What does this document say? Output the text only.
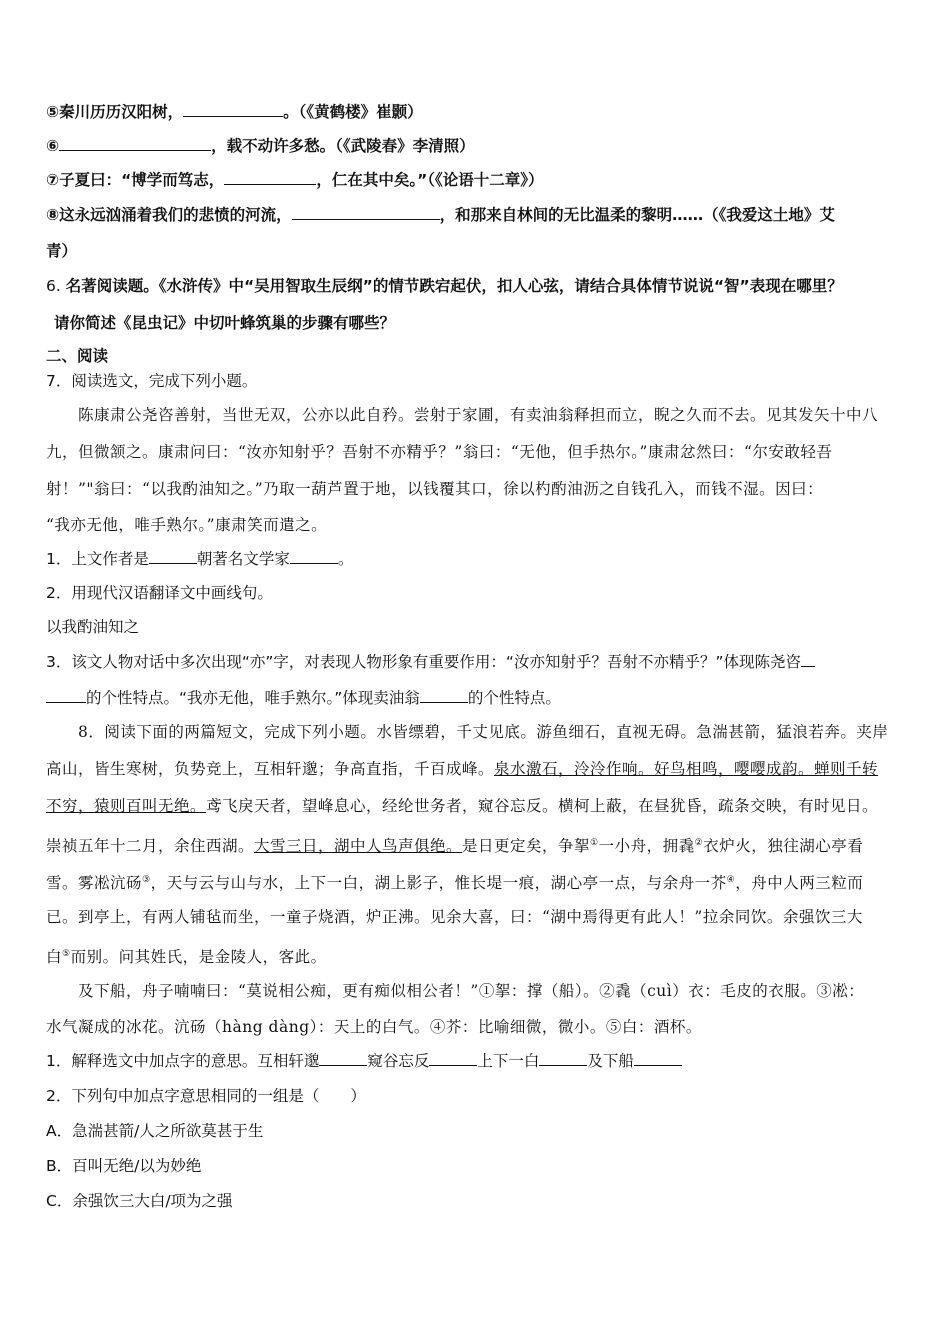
⑤秦川历历汉阳树，	。（《黄鹤楼》崔颢）
⑥	，载不动许多愁。（《武陵春》李清照）
⑦子夏曰：“博学而笃志，	，仁在其中矣。”（《论语十二章》）
⑧这永远汹涌着我们的悲愤的河流，	，和那来自林间的无比温柔的黎明……（《我爱这土地》艾
青）
6. 名著阅读题。《水浒传》中“吴用智取生辰纲”的情节跌宕起伏，扣人心弦，请结合具体情节说说“智”表现在哪里？
请你简述《昆虫记》中切叶蜂筑巢的步骤有哪些？
二、阅读
7．阅读选文，完成下列小题。
陈康肃公尧咨善射，当世无双，公亦以此自矜。尝射于家圃，有卖油翁释担而立，睨之久而不去。见其发矢十中八
九，但微颔之。康肃问曰：“汝亦知射乎？吾射不亦精乎？”翁曰：“无他，但手热尔。”康肃忿然曰：“尔安敢轻吾
射！”"翁曰：“以我酌油知之。”乃取一葫芦置于地，以钱覆其口，徐以杓酌油沥之自钱孔入，而钱不湿。因曰：
“我亦无他，唯手熟尔。”康肃笑而遣之。
1．上文作者是	朝著名文学家	。
2．用现代汉语翻译文中画线句。
以我酌油知之
3．该文人物对话中多次出现“亦”字，对表现人物形象有重要作用：“汝亦知射乎？吾射不亦精乎？”体现陈尧咨
的个性特点。“我亦无他，唯手熟尔。”体现卖油翁	的个性特点。
8．阅读下面的两篇短文，完成下列小题。水皆缥碧，千丈见底。游鱼细石，直视无碍。急湍甚箭，猛浪若奔。夹岸
高山，皆生寒树，负势竞上，互相轩邈；争高直指，千百成峰。泉水激石，泠泠作响。好鸟相鸣，嘤嘤成韵。蝉则千转
不穷，猿则百叫无绝。鸢飞戾天者，望峰息心，经纶世务者，窥谷忘反。横柯上蔽，在昼犹昏，疏条交映，有时见日。
崇祯五年十二月，余住西湖。大雪三日，湖中人鸟声俱绝。是日更定矣，争挐①一小舟，拥毳②衣炉火，独往湖心亭看
雪。雾凇沆砀③，天与云与山与水，上下一白，湖上影子，惟长堤一痕，湖心亭一点，与余舟一芥④，舟中人两三粒而
已。到亭上，有两人铺毡而坐，一童子烧酒，炉正沸。见余大喜，曰：“湖中焉得更有此人！”拉余同饮。余强饮三大
白⑤而别。问其姓氏，是金陵人，客此。
及下船，舟子喃喃曰：“莫说相公痴，更有痴似相公者！”①挐：撑（船）。②毳（cuì）衣：毛皮的衣服。③凇：
水气凝成的冰花。沆砀（hàng dàng）：天上的白气。④芥：比喻细微，微小。⑤白：酒杯。
1．解释选文中加点字的意思。互相轩邈	窥谷忘反	上下一白	及下船
2．下列句中加点字意思相同的一组是（　　）
A．急湍甚箭/人之所欲莫甚于生
B．百叫无绝/以为妙绝
C．余强饮三大白/项为之强
